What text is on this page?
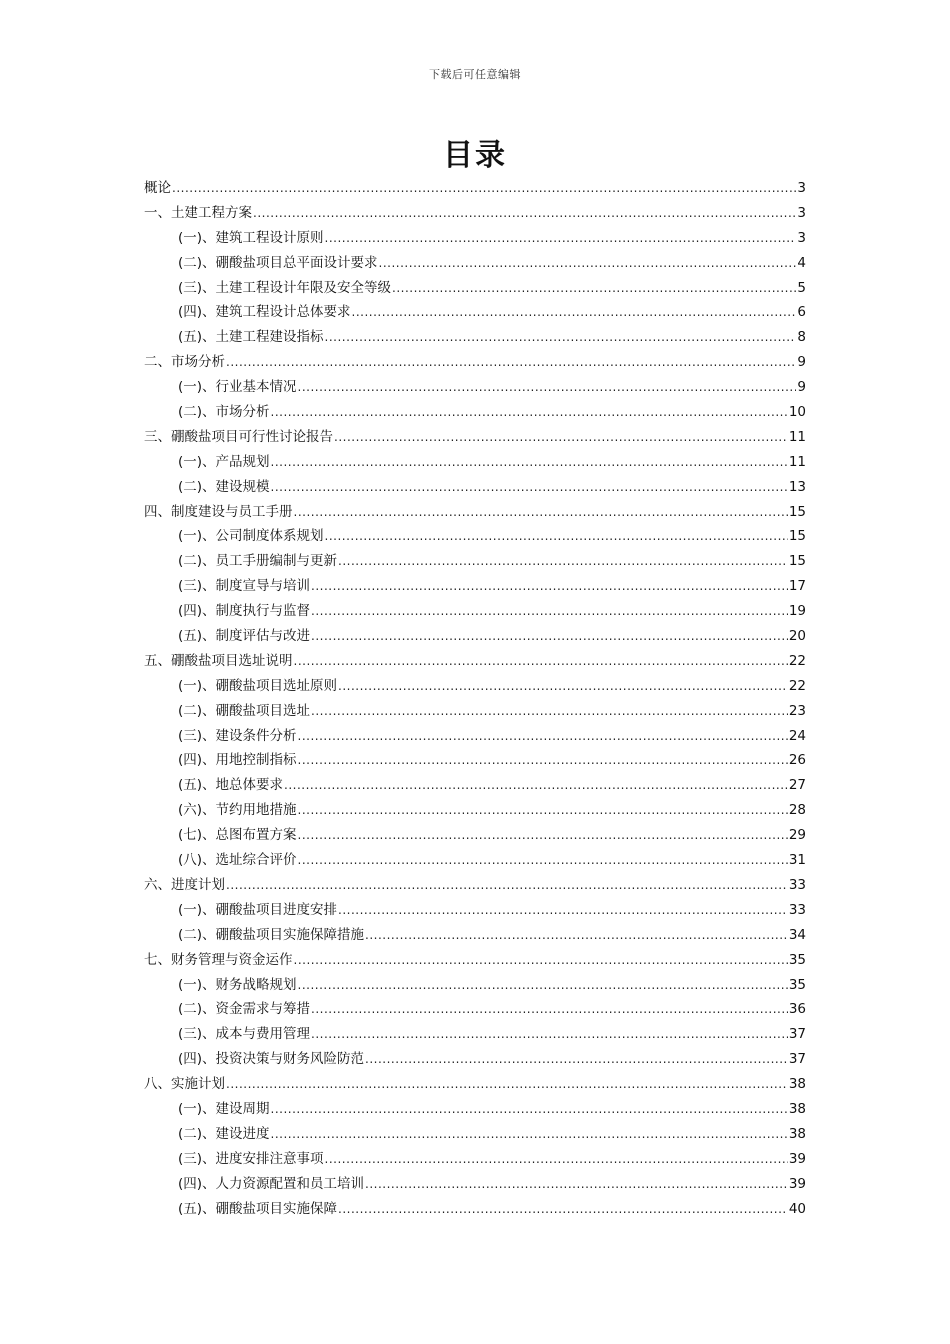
下载后可任意编辑
目录
概论 .....	3
一、土建工程方案 .....	3
(一)、建筑工程设计原则 .....	3
(二)、硼酸盐项目总平面设计要求 .....	4
(三)、土建工程设计年限及安全等级 .....	5
(四)、建筑工程设计总体要求 .....	6
(五)、土建工程建设指标 .....	8
二、市场分析 .....	9
(一)、行业基本情况 .....	9
(二)、市场分析 .....	10
三、硼酸盐项目可行性讨论报告 .....	11
(一)、产品规划 .....	11
(二)、建设规模 .....	13
四、制度建设与员工手册 .....	15
(一)、公司制度体系规划 .....	15
(二)、员工手册编制与更新 .....	15
(三)、制度宣导与培训 .....	17
(四)、制度执行与监督 .....	19
(五)、制度评估与改进 .....	20
五、硼酸盐项目选址说明 .....	22
(一)、硼酸盐项目选址原则 .....	22
(二)、硼酸盐项目选址 .....	23
(三)、建设条件分析 .....	24
(四)、用地控制指标 .....	26
(五)、地总体要求 .....	27
(六)、节约用地措施 .....	28
(七)、总图布置方案 .....	29
(八)、选址综合评价 .....	31
六、进度计划 .....	33
(一)、硼酸盐项目进度安排 .....	33
(二)、硼酸盐项目实施保障措施 .....	34
七、财务管理与资金运作 .....	35
(一)、财务战略规划 .....	35
(二)、资金需求与筹措 .....	36
(三)、成本与费用管理 .....	37
(四)、投资决策与财务风险防范 .....	37
八、实施计划 .....	38
(一)、建设周期 .....	38
(二)、建设进度 .....	38
(三)、进度安排注意事项 .....	39
(四)、人力资源配置和员工培训 .....	39
(五)、硼酸盐项目实施保障 .....	40
